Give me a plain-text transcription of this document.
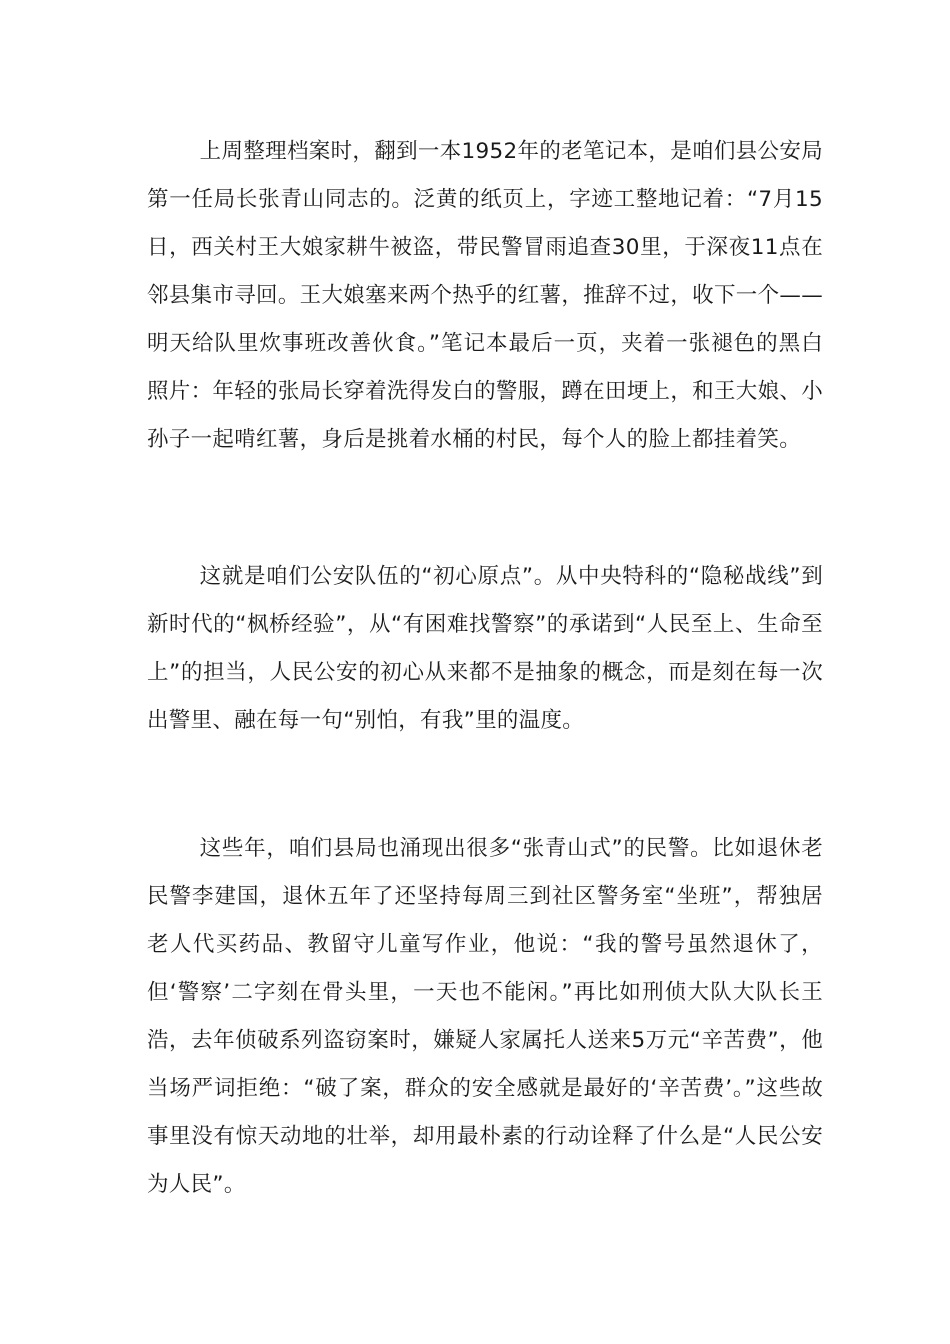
上周整理档案时，翻到一本1952年的老笔记本，是咱们县公安局第一任局长张青山同志的。泛黄的纸页上，字迹工整地记着：“7月15日，西关村王大娘家耕牛被盗，带民警冒雨追查30里，于深夜11点在邻县集市寻回。王大娘塞来两个热乎的红薯，推辞不过，收下一个——明天给队里炊事班改善伙食。”笔记本最后一页，夹着一张褪色的黑白照片：年轻的张局长穿着洗得发白的警服，蹲在田埂上，和王大娘、小孙子一起啃红薯，身后是挑着水桶的村民，每个人的脸上都挂着笑。

这就是咱们公安队伍的“初心原点”。从中央特科的“隐秘战线”到新时代的“枫桥经验”，从“有困难找警察”的承诺到“人民至上、生命至上”的担当，人民公安的初心从来都不是抽象的概念，而是刻在每一次出警里、融在每一句“别怕，有我”里的温度。

这些年，咱们县局也涌现出很多“张青山式”的民警。比如退休老民警李建国，退休五年了还坚持每周三到社区警务室“坐班”，帮独居老人代买药品、教留守儿童写作业，他说：“我的警号虽然退休了，但‘警察’二字刻在骨头里，一天也不能闲。”再比如刑侦大队大队长王浩，去年侦破系列盗窃案时，嫌疑人家属托人送来5万元“辛苦费”，他当场严词拒绝：“破了案，群众的安全感就是最好的‘辛苦费’。”这些故事里没有惊天动地的壮举，却用最朴素的行动诠释了什么是“人民公安为人民”。
